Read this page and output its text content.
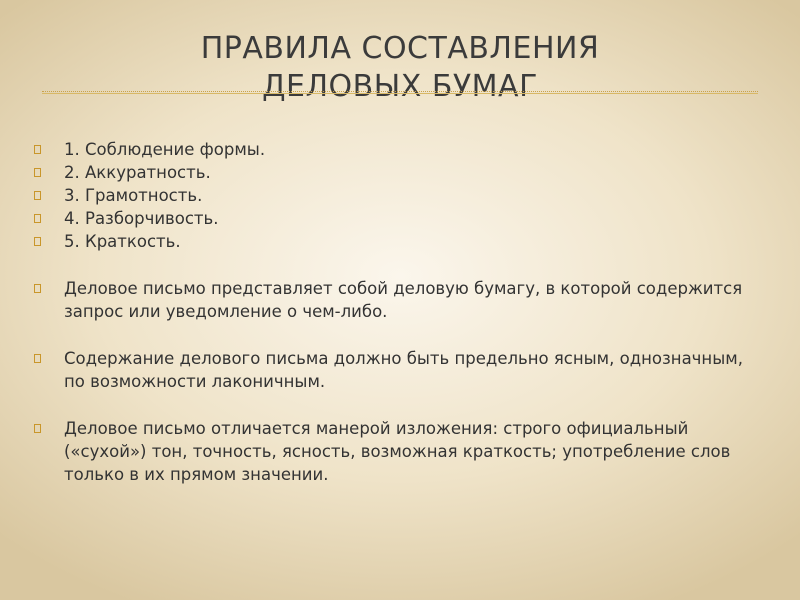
ПРАВИЛА СОСТАВЛЕНИЯ
ДЕЛОВЫХ БУМАГ
1. Соблюдение формы.
2. Аккуратность.
3. Грамотность.
4. Разборчивость.
5. Краткость.
Деловое письмо представляет собой деловую бумагу, в которой содержится запрос или уведомление о чем-либо.
Содержание делового письма должно быть предельно ясным, однозначным, по возможности лаконичным.
Деловое письмо отличается манерой изложения: строго официальный («сухой») тон, точность, ясность, возможная краткость; употребление слов только в их прямом значении.
